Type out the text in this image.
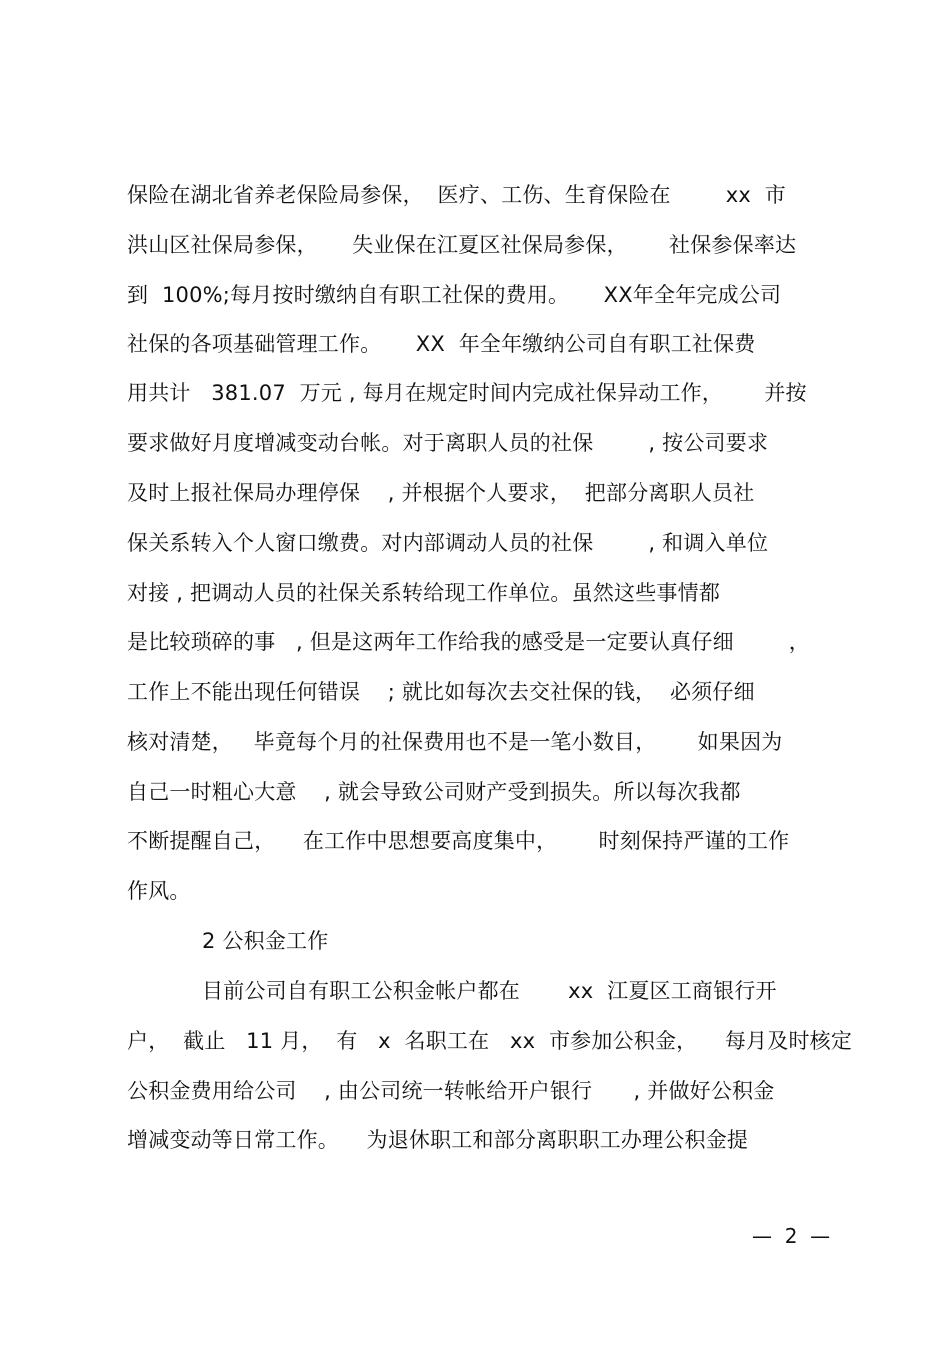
保险在湖北省养老保险局参保，  医疗、工伤、生育保险在        xx  市
洪山区社保局参保，     失业保在江夏区社保局参保，      社保参保率达
到  100%;每月按时缴纳自有职工社保的费用。     XX年全年完成公司
社保的各项基础管理工作。     XX  年全年缴纳公司自有职工社保费
用共计   381.07  万元 , 每月在规定时间内完成社保异动工作，      并按
要求做好月度增减变动台帐。对于离职人员的社保        , 按公司要求
及时上报社保局办理停保    , 并根据个人要求，  把部分离职人员社
保关系转入个人窗口缴费。对内部调动人员的社保        , 和调入单位
对接 , 把调动人员的社保关系转给现工作单位。虽然这些事情都
是比较琐碎的事   , 但是这两年工作给我的感受是一定要认真仔细        ，
工作上不能出现任何错误    ; 就比如每次去交社保的钱，  必须仔细
核对清楚，   毕竟每个月的社保费用也不是一笔小数目，      如果因为
自己一时粗心大意    , 就会导致公司财产受到损失。所以每次我都
不断提醒自己，    在工作中思想要高度集中，      时刻保持严谨的工作
作风。
2 公积金工作
目前公司自有职工公积金帐户都在       xx  江夏区工商银行开
户，  截止   11 月，  有   x  名职工在   xx  市参加公积金，    每月及时核定
公积金费用给公司    , 由公司统一转帐给开户银行      , 并做好公积金
增减变动等日常工作。    为退休职工和部分离职职工办理公积金提
—  2  —
